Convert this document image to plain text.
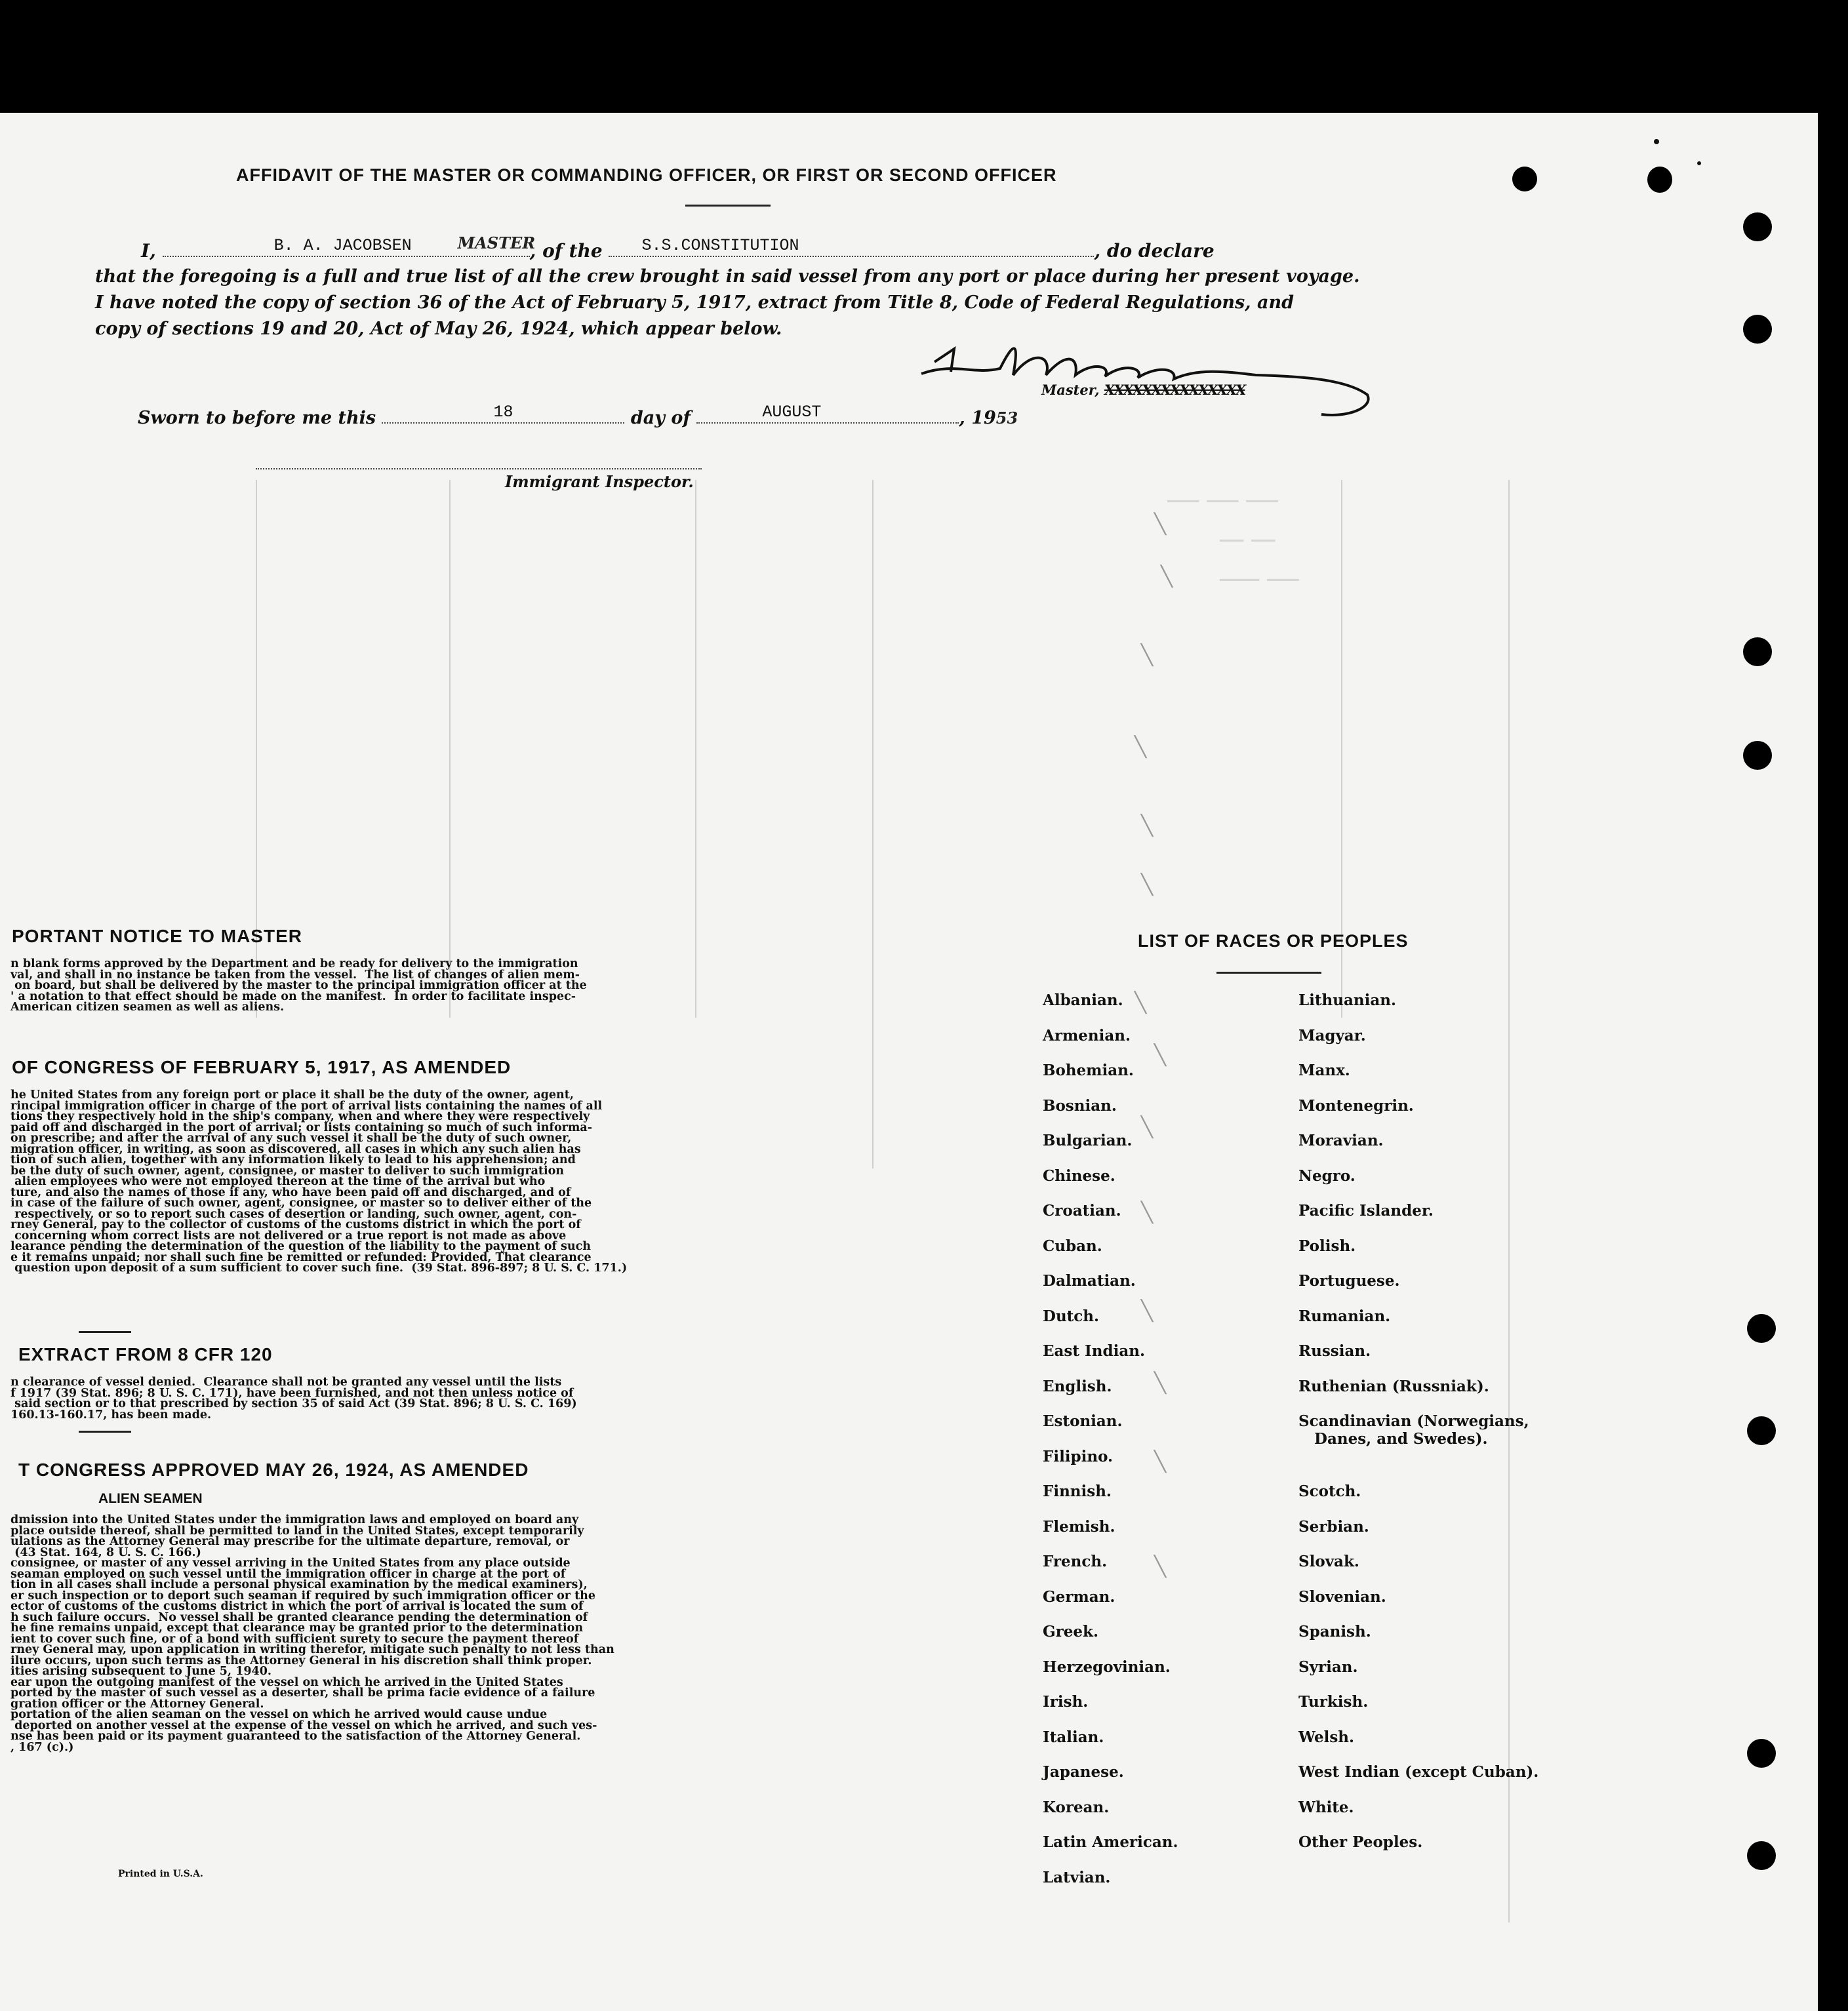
AFFIDAVIT OF THE MASTER OR COMMANDING OFFICER, OR FIRST OR SECOND OFFICER
I,	B. A. JACOBSEN	MASTER
, of the S.S.CONSTITUTION	, do declare
that the foregoing is a full and true list of all the crew brought in said vessel from any port or place during her present voyage.
I have noted the copy of section 36 of the Act of February 5, 1917, extract from Title 8, Code of Federal Regulations, and
copy of sections 19 and 20, Act of May 26, 1924, which appear below.
Master, XXXXXXXXXXXXXXX
Sworn to before me this	18	day of	AUGUST	, 1953
Immigrant Inspector.
▁▁▁▁ ▁▁▁▁ ▁▁▁▁
▁▁▁ ▁▁▁
▁▁▁▁▁ ▁▁▁▁
╲
╲
╲
╲
╲
╲
╲
╲
╲
╲
╲
╲
╲
╲
PORTANT NOTICE TO MASTER
n blank forms approved by the Department and be ready for delivery to the immigration
val, and shall in no instance be taken from the vessel.  The list of changes of alien mem-
on board, but shall be delivered by the master to the principal immigration officer at the
' a notation to that effect should be made on the manifest.  In order to facilitate inspec-
American citizen seamen as well as aliens.
OF CONGRESS OF FEBRUARY 5, 1917, AS AMENDED
he United States from any foreign port or place it shall be the duty of the owner, agent,
rincipal immigration officer in charge of the port of arrival lists containing the names of all
tions they respectively hold in the ship's company, when and where they were respectively
paid off and discharged in the port of arrival; or lists containing so much of such informa-
on prescribe; and after the arrival of any such vessel it shall be the duty of such owner,
migration officer, in writing, as soon as discovered, all cases in which any such alien has
tion of such alien, together with any information likely to lead to his apprehension; and
be the duty of such owner, agent, consignee, or master to deliver to such immigration
alien employees who were not employed thereon at the time of the arrival but who
ture, and also the names of those if any, who have been paid off and discharged, and of
in case of the failure of such owner, agent, consignee, or master so to deliver either of the
respectively, or so to report such cases of desertion or landing, such owner, agent, con-
rney General, pay to the collector of customs of the customs district in which the port of
concerning whom correct lists are not delivered or a true report is not made as above
learance pending the determination of the question of the liability to the payment of such
e it remains unpaid; nor shall such fine be remitted or refunded: Provided, That clearance
question upon deposit of a sum sufficient to cover such fine.  (39 Stat. 896-897; 8 U. S. C. 171.)
EXTRACT FROM 8 CFR 120
n clearance of vessel denied.  Clearance shall not be granted any vessel until the lists
f 1917 (39 Stat. 896; 8 U. S. C. 171), have been furnished, and not then unless notice of
said section or to that prescribed by section 35 of said Act (39 Stat. 896; 8 U. S. C. 169)
160.13-160.17, has been made.
T CONGRESS APPROVED MAY 26, 1924, AS AMENDED
ALIEN SEAMEN
dmission into the United States under the immigration laws and employed on board any
place outside thereof, shall be permitted to land in the United States, except temporarily
ulations as the Attorney General may prescribe for the ultimate departure, removal, or
(43 Stat. 164, 8 U. S. C. 166.)
consignee, or master of any vessel arriving in the United States from any place outside
seaman employed on such vessel until the immigration officer in charge at the port of
tion in all cases shall include a personal physical examination by the medical examiners),
er such inspection or to deport such seaman if required by such immigration officer or the
ector of customs of the customs district in which the port of arrival is located the sum of
h such failure occurs.  No vessel shall be granted clearance pending the determination of
he fine remains unpaid, except that clearance may be granted prior to the determination
ient to cover such fine, or of a bond with sufficient surety to secure the payment thereof
rney General may, upon application in writing therefor, mitigate such penalty to not less than
ilure occurs, upon such terms as the Attorney General in his discretion shall think proper.
ities arising subsequent to June 5, 1940.
ear upon the outgoing manifest of the vessel on which he arrived in the United States
ported by the master of such vessel as a deserter, shall be prima facie evidence of a failure
gration officer or the Attorney General.
portation of the alien seaman on the vessel on which he arrived would cause undue
deported on another vessel at the expense of the vessel on which he arrived, and such ves-
nse has been paid or its payment guaranteed to the satisfaction of the Attorney General.
, 167 (c).)
Printed in U.S.A.
LIST OF RACES OR PEOPLES
Albanian.
Armenian.
Bohemian.
Bosnian.
Bulgarian.
Chinese.
Croatian.
Cuban.
Dalmatian.
Dutch.
East Indian.
English.
Estonian.
Filipino.
Finnish.
Flemish.
French.
German.
Greek.
Herzegovinian.
Irish.
Italian.
Japanese.
Korean.
Latin American.
Latvian.
Lithuanian.
Magyar.
Manx.
Montenegrin.
Moravian.
Negro.
Pacific Islander.
Polish.
Portuguese.
Rumanian.
Russian.
Ruthenian (Russniak).
Scandinavian (Norwegians,
Danes, and Swedes).
Scotch.
Serbian.
Slovak.
Slovenian.
Spanish.
Syrian.
Turkish.
Welsh.
West Indian (except Cuban).
White.
Other Peoples.
